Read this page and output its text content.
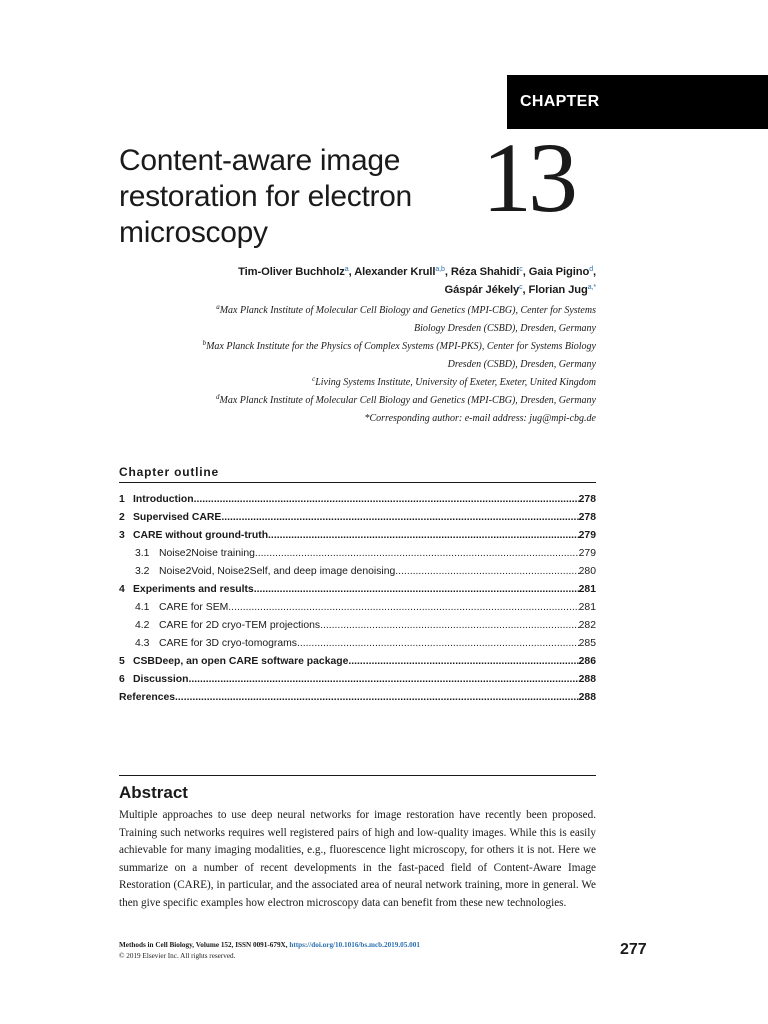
CHAPTER
Content-aware image restoration for electron microscopy	13
Tim-Oliver Buchholz$^a$, Alexander Krull$^{a,b}$, Réza Shahidi$^c$, Gaia Pigino$^d$,
Gáspár Jékely$^c$, Florian Jug$^{a,*}$
$^a$Max Planck Institute of Molecular Cell Biology and Genetics (MPI-CBG), Center for Systems
Biology Dresden (CSBD), Dresden, Germany
$^b$Max Planck Institute for the Physics of Complex Systems (MPI-PKS), Center for Systems Biology
Dresden (CSBD), Dresden, Germany
$^c$Living Systems Institute, University of Exeter, Exeter, United Kingdom
$^d$Max Planck Institute of Molecular Cell Biology and Genetics (MPI-CBG), Dresden, Germany
*Corresponding author: e-mail address: jug@mpi-cbg.de
Chapter outline
1 Introduction .....	278
2 Supervised CARE .....	278
3 CARE without ground-truth .....	279
3.1 Noise2Noise training .....	279
3.2 Noise2Void, Noise2Self, and deep image denoising .....	280
4 Experiments and results .....	281
4.1 CARE for SEM .....	281
4.2 CARE for 2D cryo-TEM projections .....	282
4.3 CARE for 3D cryo-tomograms .....	285
5 CSBDeep, an open CARE software package .....	286
6 Discussion .....	288
References .....	288
Abstract

Multiple approaches to use deep neural networks for image restoration have recently been proposed. Training such networks requires well registered pairs of high and low-quality images. While this is easily achievable for many imaging modalities, e.g., fluorescence light microscopy, for others it is not. Here we summarize on a number of recent developments in the fast-paced field of Content-Aware Image Restoration (CARE), in particular, and the associated area of neural network training, more in general. We then give specific examples how electron microscopy data can benefit from these new technologies.

Methods in Cell Biology, Volume 152, ISSN 0091-679X, https://doi.org/10.1016/bs.mcb.2019.05.001
© 2019 Elsevier Inc. All rights reserved.	277
